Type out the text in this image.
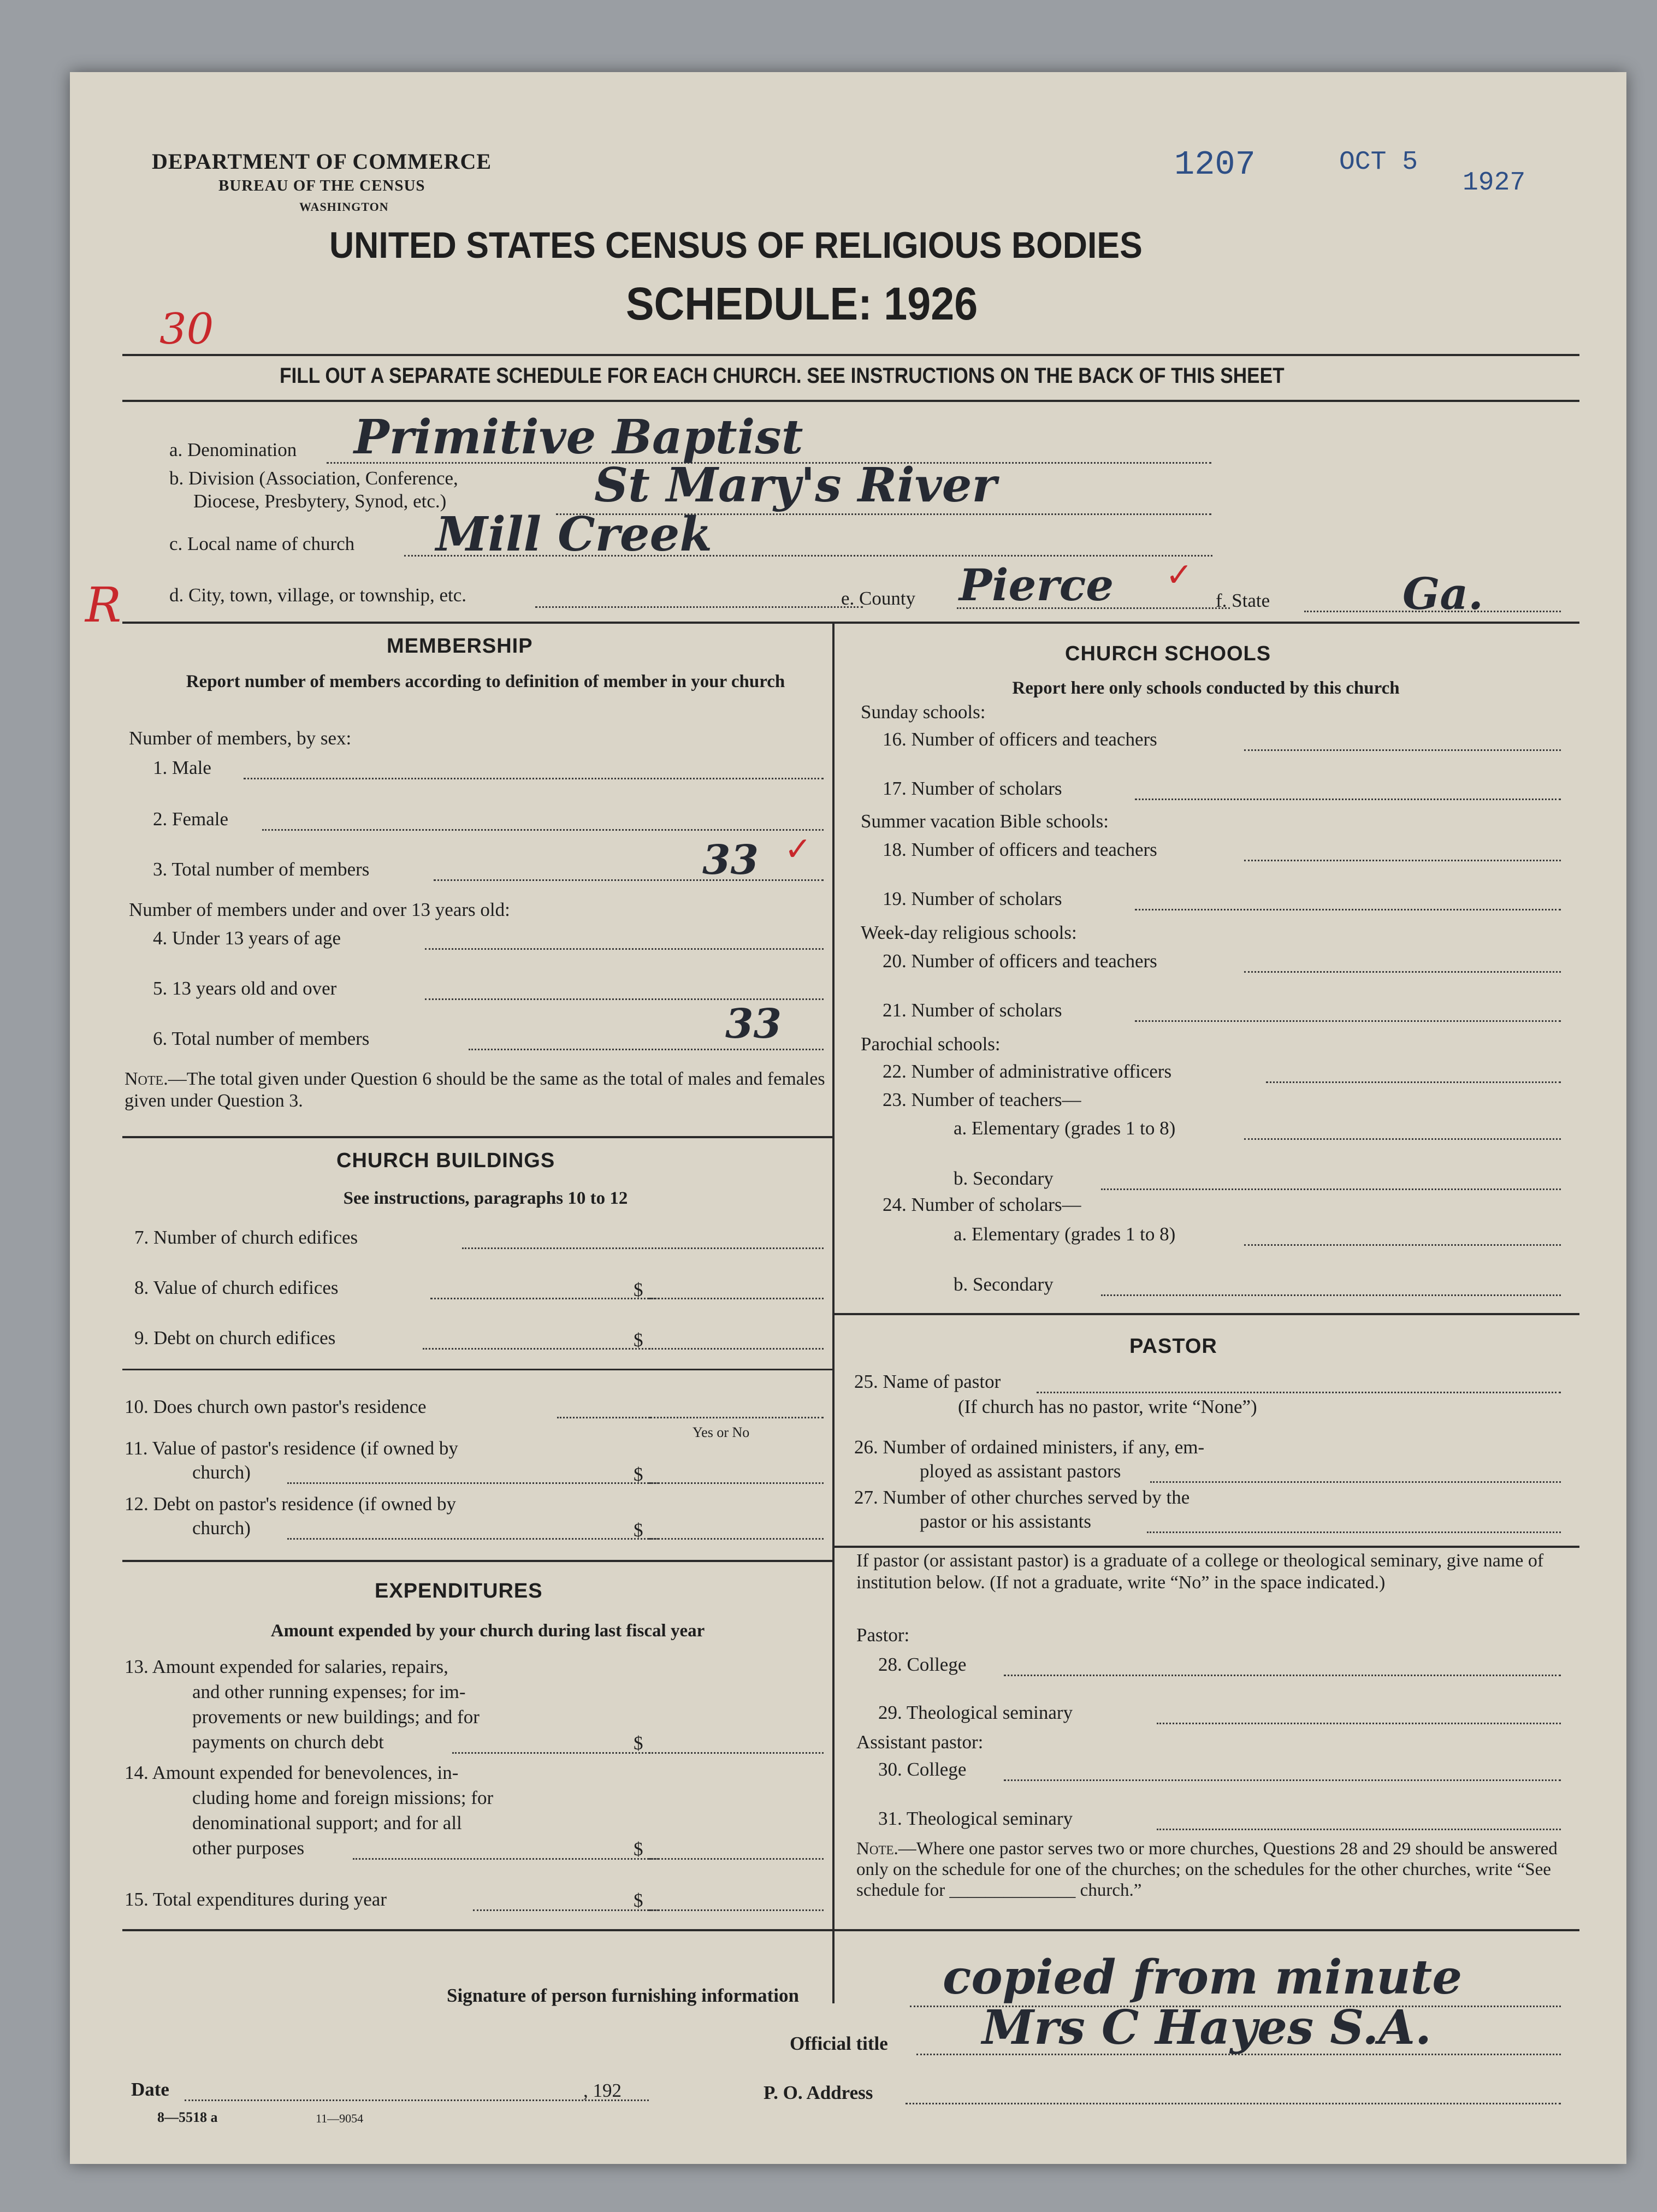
DEPARTMENT OF COMMERCE
BUREAU OF THE CENSUS
WASHINGTON
1207	OCT 5
1927
UNITED STATES CENSUS OF RELIGIOUS BODIES
SCHEDULE: 1926
30
FILL OUT A SEPARATE SCHEDULE FOR EACH CHURCH. SEE INSTRUCTIONS ON THE BACK OF THIS SHEET
a. Denomination Primitive Baptist
b. Division (Association, Conference,
Diocese, Presbytery, Synod, etc.)	St Mary's River
c. Local name of church Mill Creek
R	d. City, town, village, or township, etc.	e. County Pierce ✓
f. State	Ga.
MEMBERSHIP
Report number of members according to definition of member in your church
Number of members, by sex:
1. Male
2. Female
3. Total number of members	33 ✓
Number of members under and over 13 years old:
4. Under 13 years of age
5. 13 years old and over
6. Total number of members	33
Note.—The total given under Question 6 should be the same as the total of males and females given under Question 3.
CHURCH BUILDINGS
See instructions, paragraphs 10 to 12
7. Number of church edifices
8. Value of church edifices	$
9. Debt on church edifices	$
10. Does church own pastor's residence
Yes or No
11. Value of pastor's residence (if owned by
church)	$
12. Debt on pastor's residence (if owned by
church)	$
EXPENDITURES
Amount expended by your church during last fiscal year
13. Amount expended for salaries, repairs,
and other running expenses; for im-
provements or new buildings; and for
payments on church debt	$
14. Amount expended for benevolences, in-
cluding home and foreign missions; for
denominational support; and for all
other purposes	$
15. Total expenditures during year	$
CHURCH SCHOOLS
Report here only schools conducted by this church
Sunday schools:
16. Number of officers and teachers
17. Number of scholars
Summer vacation Bible schools:
18. Number of officers and teachers
19. Number of scholars
Week-day religious schools:
20. Number of officers and teachers
21. Number of scholars
Parochial schools:
22. Number of administrative officers
23. Number of teachers—
a. Elementary (grades 1 to 8)
b. Secondary
24. Number of scholars—
a. Elementary (grades 1 to 8)
b. Secondary
PASTOR
25. Name of pastor
(If church has no pastor, write “None”)
26. Number of ordained ministers, if any, em-
ployed as assistant pastors
27. Number of other churches served by the
pastor or his assistants
If pastor (or assistant pastor) is a graduate of a college or theological seminary, give name of institution below. (If not a graduate, write “No” in the space indicated.)
Pastor:
28. College
29. Theological seminary
Assistant pastor:
30. College
31. Theological seminary
Note.—Where one pastor serves two or more churches, Questions 28 and 29 should be answered only on the schedule for one of the churches; on the schedules for the other churches, write “See schedule for ______________ church.”
Signature of person furnishing information	copied from minute
Official title Mrs C Hayes S.A.
Date	, 192	P. O. Address
8—5518 a	11—9054
